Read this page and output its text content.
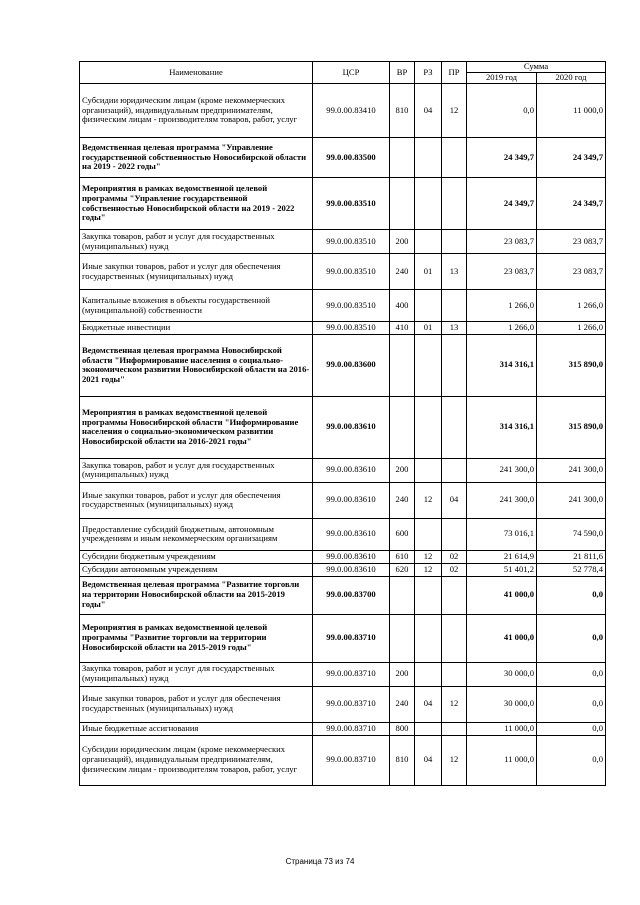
Наименование	ЦСР	ВР	РЗ	ПР	Сумма	
					2019 год	2020 год
Субсидии юридическим лицам (кроме некоммерческих организаций), индивидуальным предпринимателям, физическим лицам - производителям товаров, работ, услуг	99.0.00.83410	810	04	12	0,0	11 000,0
Ведомственная целевая программа "Управление государственной собственностью Новосибирской области на 2019 - 2022 годы"	99.0.00.83500				24 349,7	24 349,7
Мероприятия в рамках ведомственной целевой программы "Управление государственной собственностью Новосибирской области на 2019 - 2022 годы"	99.0.00.83510				24 349,7	24 349,7
Закупка товаров, работ и услуг для государственных (муниципальных) нужд	99.0.00.83510	200			23 083,7	23 083,7
Иные закупки товаров, работ и услуг для обеспечения государственных (муниципальных) нужд	99.0.00.83510	240	01	13	23 083,7	23 083,7
Капитальные вложения в объекты государственной (муниципальной) собственности	99.0.00.83510	400			1 266,0	1 266,0
Бюджетные инвестиции	99.0.00.83510	410	01	13	1 266,0	1 266,0
Ведомственная целевая программа Новосибирской области "Информирование населения о социально-экономическом развитии Новосибирской области на 2016-2021 годы"	99.0.00.83600				314 316,1	315 890,0
Мероприятия в рамках ведомственной целевой программы Новосибирской области "Информирование населения о социально-экономическом развитии Новосибирской области на 2016-2021 годы"	99.0.00.83610				314 316,1	315 890,0
Закупка товаров, работ и услуг для государственных (муниципальных) нужд	99.0.00.83610	200			241 300,0	241 300,0
Иные закупки товаров, работ и услуг для обеспечения государственных (муниципальных) нужд	99.0.00.83610	240	12	04	241 300,0	241 300,0
Предоставление субсидий бюджетным, автономным учреждениям и иным некоммерческим организациям	99.0.00.83610	600			73 016,1	74 590,0
Субсидии бюджетным учреждениям	99.0.00.83610	610	12	02	21 614,9	21 811,6
Субсидии автономным учреждениям	99.0.00.83610	620	12	02	51 401,2	52 778,4
Ведомственная целевая программа "Развитие торговли на территории Новосибирской области на 2015-2019 годы"	99.0.00.83700				41 000,0	0,0
Мероприятия в рамках ведомственной целевой программы "Развитие торговли на территории Новосибирской области на 2015-2019 годы"	99.0.00.83710				41 000,0	0,0
Закупка товаров, работ и услуг для государственных (муниципальных) нужд	99.0.00.83710	200			30 000,0	0,0
Иные закупки товаров, работ и услуг для обеспечения государственных (муниципальных) нужд	99.0.00.83710	240	04	12	30 000,0	0,0
Иные бюджетные ассигнования	99.0.00.83710	800			11 000,0	0,0
Субсидии юридическим лицам (кроме некоммерческих организаций), индивидуальным предпринимателям, физическим лицам - производителям товаров, работ, услуг	99.0.00.83710	810	04	12	11 000,0	0,0
Страница 73 из 74
